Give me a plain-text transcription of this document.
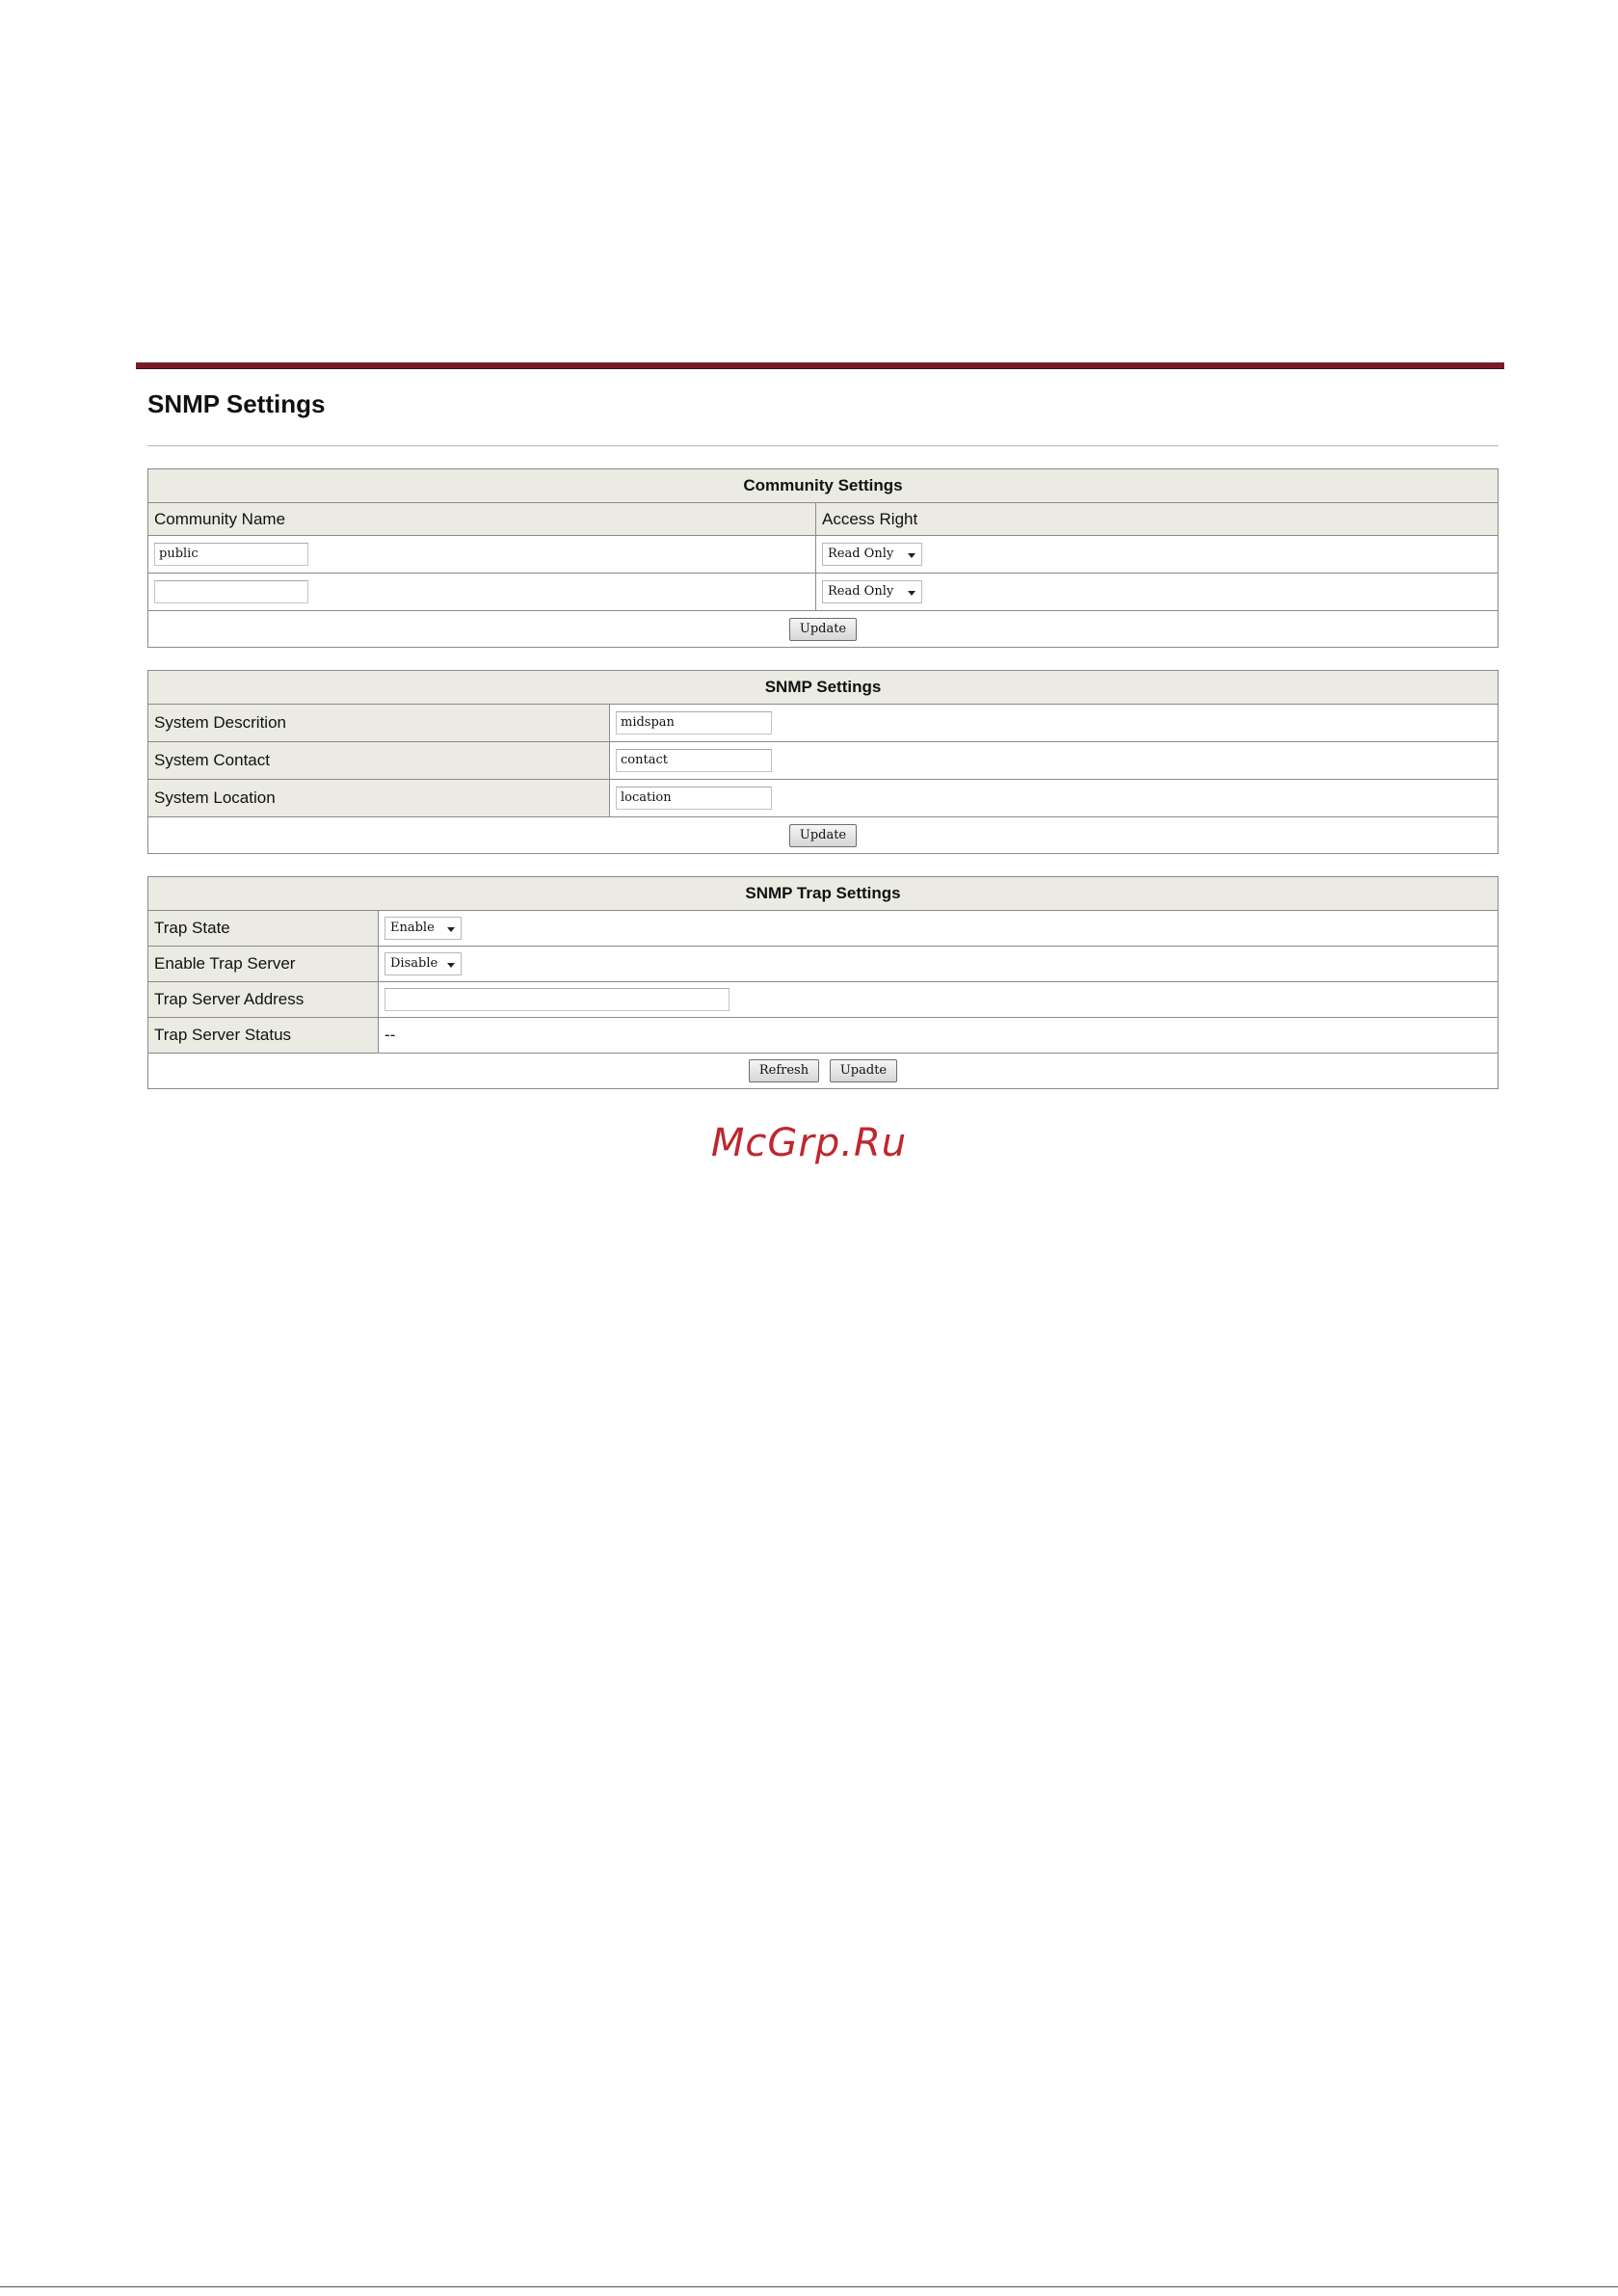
SNMP Settings
Community Settings	
Community Name	Access Right
public	Read Only

	Read Only

Update	
SNMP Settings	
System Descrition	midspan
System Contact	contact
System Location	location
Update	
SNMP Trap Settings	
Trap State	Enable

Enable Trap Server	Disable

Trap Server Address	
Trap Server Status	--
Refresh Upadte	
McGrp.Ru
